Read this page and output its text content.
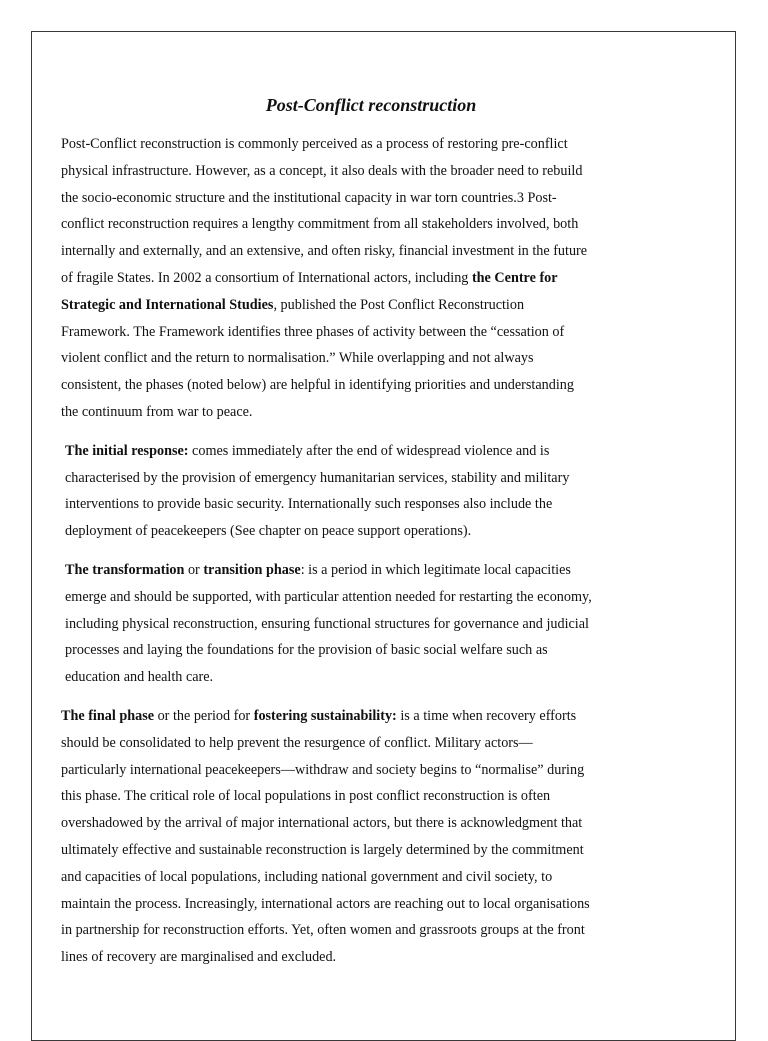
Post-Conflict reconstruction

Post-Conflict reconstruction is commonly perceived as a process of restoring pre-conflict
physical infrastructure. However, as a concept, it also deals with the broader need to rebuild
the socio-economic structure and the institutional capacity in war torn countries.3 Post-
conflict reconstruction requires a lengthy commitment from all stakeholders involved, both
internally and externally, and an extensive, and often risky, financial investment in the future
of fragile States. In 2002 a consortium of International actors, including the Centre for
Strategic and International Studies, published the Post Conflict Reconstruction
Framework. The Framework identifies three phases of activity between the “cessation of
violent conflict and the return to normalisation.” While overlapping and not always
consistent, the phases (noted below) are helpful in identifying priorities and understanding
the continuum from war to peace.

The initial response: comes immediately after the end of widespread violence and is
characterised by the provision of emergency humanitarian services, stability and military
interventions to provide basic security. Internationally such responses also include the
deployment of peacekeepers (See chapter on peace support operations).

The transformation or transition phase: is a period in which legitimate local capacities
emerge and should be supported, with particular attention needed for restarting the economy,
including physical reconstruction, ensuring functional structures for governance and judicial
processes and laying the foundations for the provision of basic social welfare such as
education and health care.

The final phase or the period for fostering sustainability: is a time when recovery efforts
should be consolidated to help prevent the resurgence of conflict. Military actors—
particularly international peacekeepers—withdraw and society begins to “normalise” during
this phase. The critical role of local populations in post conflict reconstruction is often
overshadowed by the arrival of major international actors, but there is acknowledgment that
ultimately effective and sustainable reconstruction is largely determined by the commitment
and capacities of local populations, including national government and civil society, to
maintain the process. Increasingly, international actors are reaching out to local organisations
in partnership for reconstruction efforts. Yet, often women and grassroots groups at the front
lines of recovery are marginalised and excluded.
